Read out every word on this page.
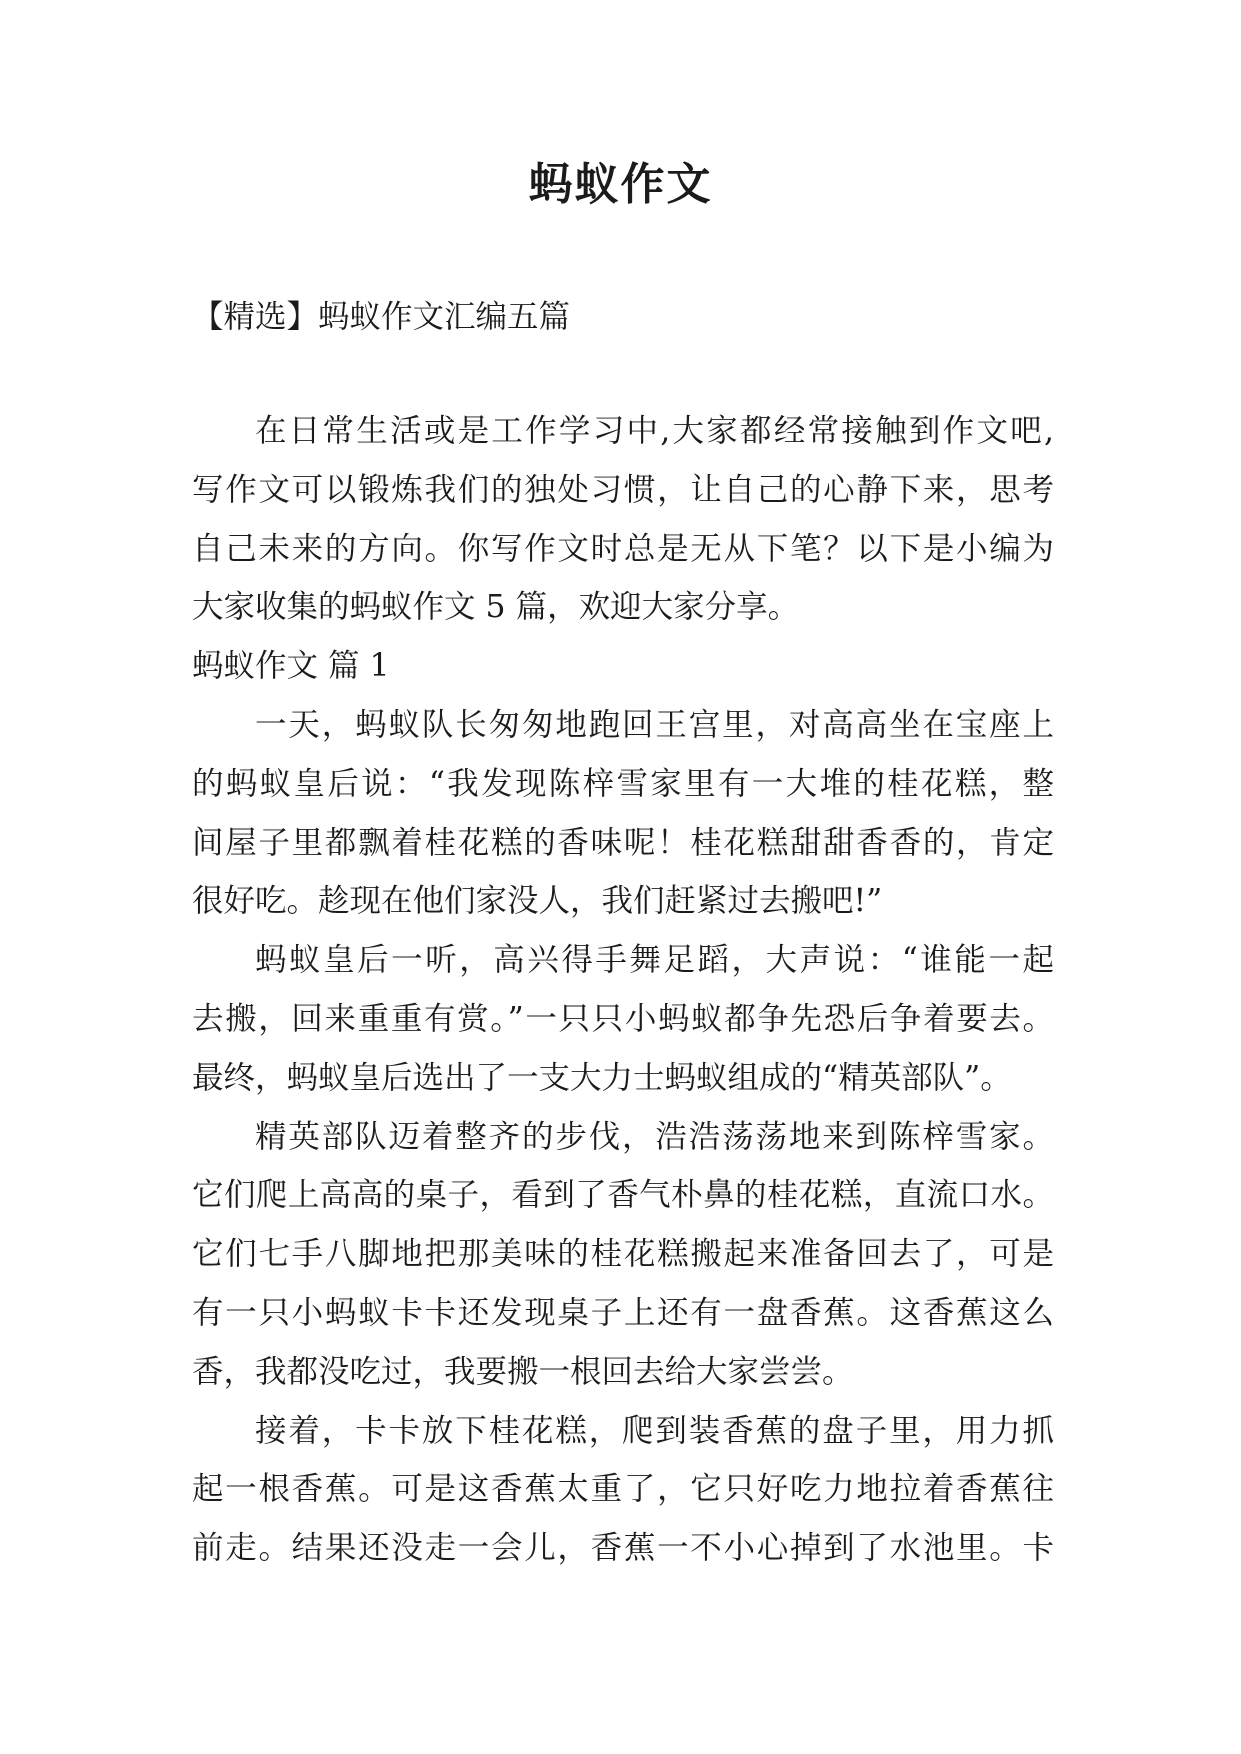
蚂蚁作文
【精选】蚂蚁作文汇编五篇
在日常生活或是工作学习中,大家都经常接触到作文吧,
写作文可以锻炼我们的独处习惯，让自己的心静下来，思考
自己未来的方向。你写作文时总是无从下笔？以下是小编为
大家收集的蚂蚁作文 5 篇，欢迎大家分享。
蚂蚁作文 篇 1
一天，蚂蚁队长匆匆地跑回王宫里，对高高坐在宝座上
的蚂蚁皇后说：“我发现陈梓雪家里有一大堆的桂花糕，整
间屋子里都飘着桂花糕的香味呢！桂花糕甜甜香香的，肯定
很好吃。趁现在他们家没人，我们赶紧过去搬吧!”
蚂蚁皇后一听，高兴得手舞足蹈，大声说：“谁能一起
去搬，回来重重有赏。”一只只小蚂蚁都争先恐后争着要去。
最终，蚂蚁皇后选出了一支大力士蚂蚁组成的“精英部队”。
精英部队迈着整齐的步伐，浩浩荡荡地来到陈梓雪家。
它们爬上高高的桌子，看到了香气朴鼻的桂花糕，直流口水。
它们七手八脚地把那美味的桂花糕搬起来准备回去了，可是
有一只小蚂蚁卡卡还发现桌子上还有一盘香蕉。这香蕉这么
香，我都没吃过，我要搬一根回去给大家尝尝。
接着，卡卡放下桂花糕，爬到装香蕉的盘子里，用力抓
起一根香蕉。可是这香蕉太重了，它只好吃力地拉着香蕉往
前走。结果还没走一会儿，香蕉一不小心掉到了水池里。卡
